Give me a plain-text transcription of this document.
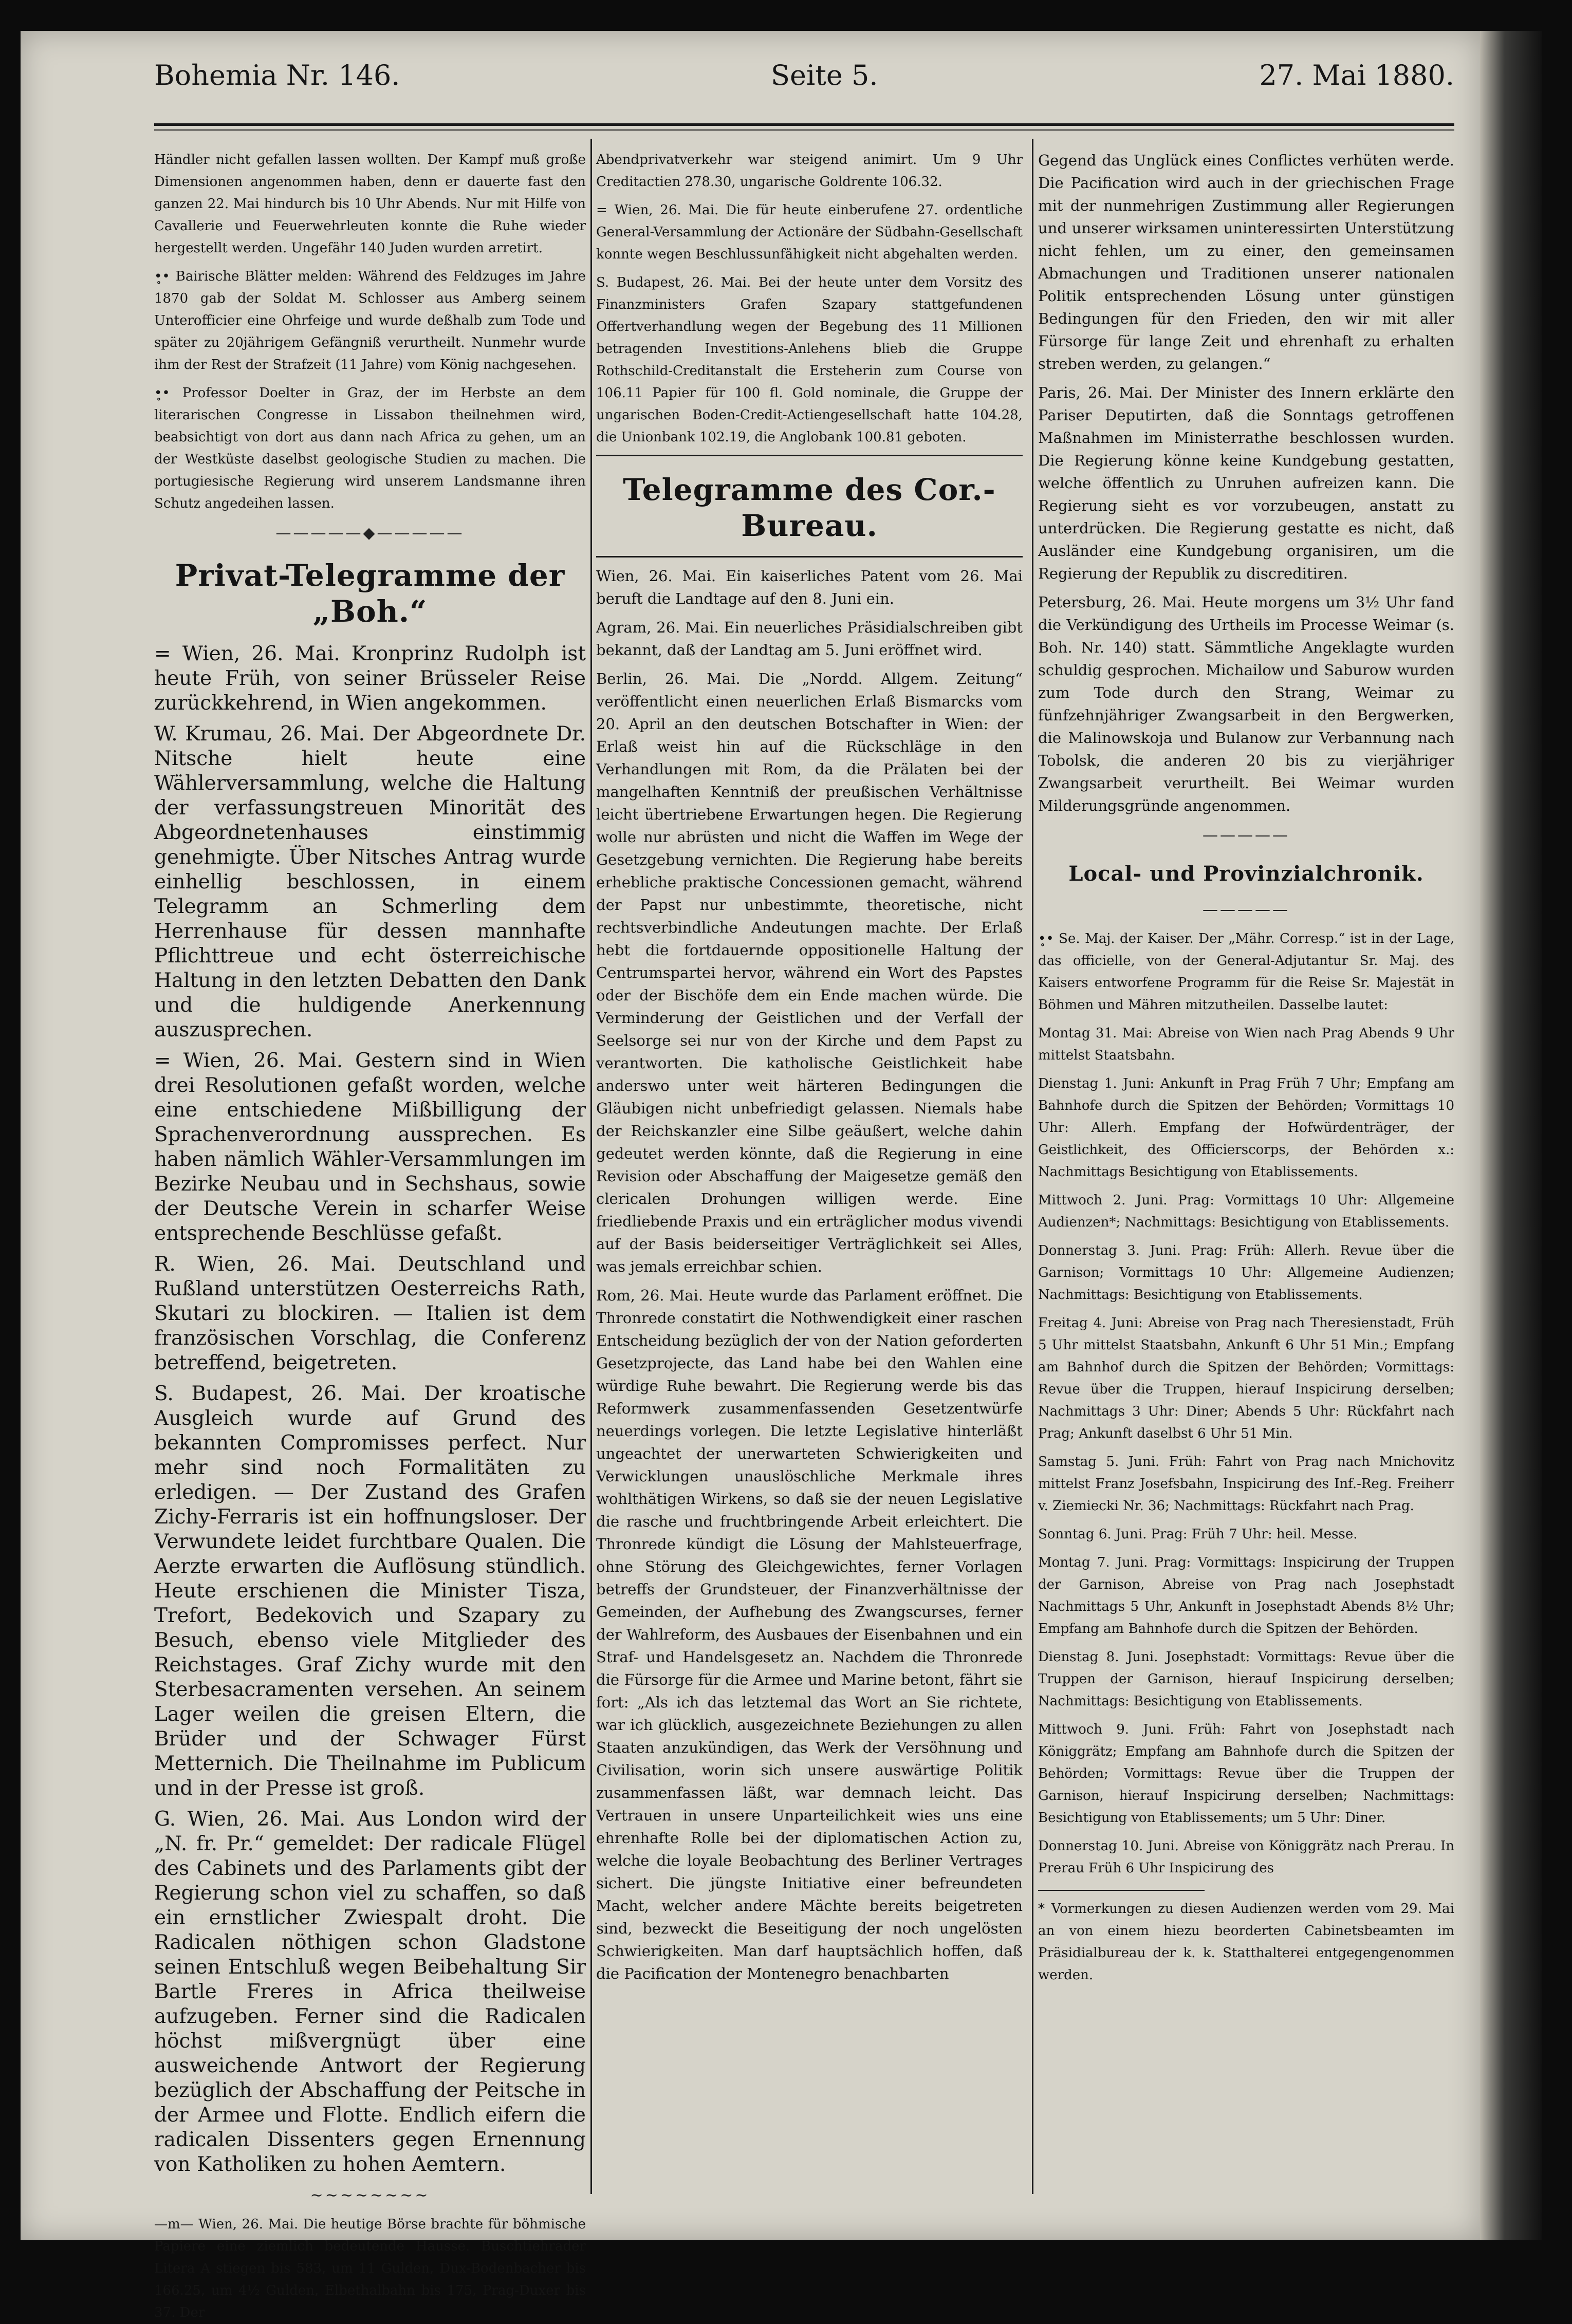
Bohemia Nr. 146.	Seite 5.	27. Mai 1880.

Händler nicht gefallen lassen wollten. Der Kampf muß große Dimensionen angenommen haben, denn er dauerte fast den ganzen 22. Mai hindurch bis 10 Uhr Abends. Nur mit Hilfe von Cavallerie und Feuerwehrleuten konnte die Ruhe wieder hergestellt werden. Ungefähr 140 Juden wurden arretirt.

•̥• Bairische Blätter melden: Während des Feldzuges im Jahre 1870 gab der Soldat M. Schlosser aus Amberg seinem Unterofficier eine Ohrfeige und wurde deßhalb zum Tode und später zu 20jährigem Gefängniß verurtheilt. Nunmehr wurde ihm der Rest der Strafzeit (11 Jahre) vom König nachgesehen.

•̥• Professor Doelter in Graz, der im Herbste an dem literarischen Congresse in Lissabon theilnehmen wird, beabsichtigt von dort aus dann nach Africa zu gehen, um an der Westküste daselbst geologische Studien zu machen. Die portugiesische Regierung wird unserem Landsmanne ihren Schutz angedeihen lassen.

—————◆—————
Privat-Telegramme der „Boh.“

= Wien, 26. Mai. Kronprinz Rudolph ist heute Früh, von seiner Brüsseler Reise zurückkehrend, in Wien angekommen.

W. Krumau, 26. Mai. Der Abgeordnete Dr. Nitsche hielt heute eine Wählerversammlung, welche die Haltung der verfassungstreuen Minorität des Abgeordnetenhauses einstimmig genehmigte. Über Nitsches Antrag wurde einhellig beschlossen, in einem Telegramm an Schmerling dem Herrenhause für dessen mannhafte Pflichttreue und echt österreichische Haltung in den letzten Debatten den Dank und die huldigende Anerkennung auszusprechen.

= Wien, 26. Mai. Gestern sind in Wien drei Resolutionen gefaßt worden, welche eine entschiedene Mißbilligung der Sprachenverordnung aussprechen. Es haben nämlich Wähler-Versammlungen im Bezirke Neubau und in Sechshaus, sowie der Deutsche Verein in scharfer Weise entsprechende Beschlüsse gefaßt.

R. Wien, 26. Mai. Deutschland und Rußland unterstützen Oesterreichs Rath, Skutari zu blockiren. — Italien ist dem französischen Vorschlag, die Conferenz betreffend, beigetreten.

S. Budapest, 26. Mai. Der kroatische Ausgleich wurde auf Grund des bekannten Compromisses perfect. Nur mehr sind noch Formalitäten zu erledigen. — Der Zustand des Grafen Zichy-Ferraris ist ein hoffnungsloser. Der Verwundete leidet furchtbare Qualen. Die Aerzte erwarten die Auflösung stündlich. Heute erschienen die Minister Tisza, Trefort, Bedekovich und Szapary zu Besuch, ebenso viele Mitglieder des Reichstages. Graf Zichy wurde mit den Sterbesacramenten versehen. An seinem Lager weilen die greisen Eltern, die Brüder und der Schwager Fürst Metternich. Die Theilnahme im Publicum und in der Presse ist groß.

G. Wien, 26. Mai. Aus London wird der „N. fr. Pr.“ gemeldet: Der radicale Flügel des Cabinets und des Parlaments gibt der Regierung schon viel zu schaffen, so daß ein ernstlicher Zwiespalt droht. Die Radicalen nöthigen schon Gladstone seinen Entschluß wegen Beibehaltung Sir Bartle Freres in Africa theilweise aufzugeben. Ferner sind die Radicalen höchst mißvergnügt über eine ausweichende Antwort der Regierung bezüglich der Abschaffung der Peitsche in der Armee und Flotte. Endlich eifern die radicalen Dissenters gegen Ernennung von Katholiken zu hohen Aemtern.

∼∼∼∼∼∼∼∼

—m— Wien, 26. Mai. Die heutige Börse brachte für böhmische Papiere eine ziemlich bedeutende Hausse. Buschtiehrader Litera A stiegen bis 583, um 11 Gulden, Dux-Bodenbacher bis 166.25, um 4½ Gulden, Elbethalbahn bis 175, Prag-Duxer bis 37. Der

Abendprivatverkehr war steigend animirt. Um 9 Uhr Creditactien 278.30, ungarische Goldrente 106.32.

= Wien, 26. Mai. Die für heute einberufene 27. ordentliche General-Versammlung der Actionäre der Südbahn-Gesellschaft konnte wegen Beschlussunfähigkeit nicht abgehalten werden.

S. Budapest, 26. Mai. Bei der heute unter dem Vorsitz des Finanzministers Grafen Szapary stattgefundenen Offertverhandlung wegen der Begebung des 11 Millionen betragenden Investitions-Anlehens blieb die Gruppe Rothschild-Creditanstalt die Ersteherin zum Course von 106.11 Papier für 100 fl. Gold nominale, die Gruppe der ungarischen Boden-Credit-Actiengesellschaft hatte 104.28, die Unionbank 102.19, die Anglobank 100.81 geboten.

Telegramme des Cor.-Bureau.

Wien, 26. Mai. Ein kaiserliches Patent vom 26. Mai beruft die Landtage auf den 8. Juni ein.

Agram, 26. Mai. Ein neuerliches Präsidialschreiben gibt bekannt, daß der Landtag am 5. Juni eröffnet wird.

Berlin, 26. Mai. Die „Nordd. Allgem. Zeitung“ veröffentlicht einen neuerlichen Erlaß Bismarcks vom 20. April an den deutschen Botschafter in Wien: der Erlaß weist hin auf die Rückschläge in den Verhandlungen mit Rom, da die Prälaten bei der mangelhaften Kenntniß der preußischen Verhältnisse leicht übertriebene Erwartungen hegen. Die Regierung wolle nur abrüsten und nicht die Waffen im Wege der Gesetzgebung vernichten. Die Regierung habe bereits erhebliche praktische Concessionen gemacht, während der Papst nur unbestimmte, theoretische, nicht rechtsverbindliche Andeutungen machte. Der Erlaß hebt die fortdauernde oppositionelle Haltung der Centrumspartei hervor, während ein Wort des Papstes oder der Bischöfe dem ein Ende machen würde. Die Verminderung der Geistlichen und der Verfall der Seelsorge sei nur von der Kirche und dem Papst zu verantworten. Die katholische Geistlichkeit habe anderswo unter weit härteren Bedingungen die Gläubigen nicht unbefriedigt gelassen. Niemals habe der Reichskanzler eine Silbe geäußert, welche dahin gedeutet werden könnte, daß die Regierung in eine Revision oder Abschaffung der Maigesetze gemäß den clericalen Drohungen willigen werde. Eine friedliebende Praxis und ein erträglicher modus vivendi auf der Basis beiderseitiger Verträglichkeit sei Alles, was jemals erreichbar schien.

Rom, 26. Mai. Heute wurde das Parlament eröffnet. Die Thronrede constatirt die Nothwendigkeit einer raschen Entscheidung bezüglich der von der Nation geforderten Gesetzprojecte, das Land habe bei den Wahlen eine würdige Ruhe bewahrt. Die Regierung werde bis das Reformwerk zusammenfassenden Gesetzentwürfe neuerdings vorlegen. Die letzte Legislative hinterläßt ungeachtet der unerwarteten Schwierigkeiten und Verwicklungen unauslöschliche Merkmale ihres wohlthätigen Wirkens, so daß sie der neuen Legislative die rasche und fruchtbringende Arbeit erleichtert. Die Thronrede kündigt die Lösung der Mahlsteuerfrage, ohne Störung des Gleichgewichtes, ferner Vorlagen betreffs der Grundsteuer, der Finanzverhältnisse der Gemeinden, der Aufhebung des Zwangscurses, ferner der Wahlreform, des Ausbaues der Eisenbahnen und ein Straf- und Handelsgesetz an. Nachdem die Thronrede die Fürsorge für die Armee und Marine betont, fährt sie fort: „Als ich das letztemal das Wort an Sie richtete, war ich glücklich, ausgezeichnete Beziehungen zu allen Staaten anzukündigen, das Werk der Versöhnung und Civilisation, worin sich unsere auswärtige Politik zusammenfassen läßt, war demnach leicht. Das Vertrauen in unsere Unparteilichkeit wies uns eine ehrenhafte Rolle bei der diplomatischen Action zu, welche die loyale Beobachtung des Berliner Vertrages sichert. Die jüngste Initiative einer befreundeten Macht, welcher andere Mächte bereits beigetreten sind, bezweckt die Beseitigung der noch ungelösten Schwierigkeiten. Man darf hauptsächlich hoffen, daß die Pacification der Montenegro benachbarten

Gegend das Unglück eines Conflictes verhüten werde. Die Pacification wird auch in der griechischen Frage mit der nunmehrigen Zustimmung aller Regierungen und unserer wirksamen uninteressirten Unterstützung nicht fehlen, um zu einer, den gemeinsamen Abmachungen und Traditionen unserer nationalen Politik entsprechenden Lösung unter günstigen Bedingungen für den Frieden, den wir mit aller Fürsorge für lange Zeit und ehrenhaft zu erhalten streben werden, zu gelangen.“

Paris, 26. Mai. Der Minister des Innern erklärte den Pariser Deputirten, daß die Sonntags getroffenen Maßnahmen im Ministerrathe beschlossen wurden. Die Regierung könne keine Kundgebung gestatten, welche öffentlich zu Unruhen aufreizen kann. Die Regierung sieht es vor vorzubeugen, anstatt zu unterdrücken. Die Regierung gestatte es nicht, daß Ausländer eine Kundgebung organisiren, um die Regierung der Republik zu discreditiren.

Petersburg, 26. Mai. Heute morgens um 3½ Uhr fand die Verkündigung des Urtheils im Processe Weimar (s. Boh. Nr. 140) statt. Sämmtliche Angeklagte wurden schuldig gesprochen. Michailow und Saburow wurden zum Tode durch den Strang, Weimar zu fünfzehnjähriger Zwangsarbeit in den Bergwerken, die Malinowskoja und Bulanow zur Verbannung nach Tobolsk, die anderen 20 bis zu vierjähriger Zwangsarbeit verurtheilt. Bei Weimar wurden Milderungsgründe angenommen.

—————
Local- und Provinzialchronik.
—————

•̥• Se. Maj. der Kaiser. Der „Mähr. Corresp.“ ist in der Lage, das officielle, von der General-Adjutantur Sr. Maj. des Kaisers entworfene Programm für die Reise Sr. Majestät in Böhmen und Mähren mitzutheilen. Dasselbe lautet:

Montag 31. Mai: Abreise von Wien nach Prag Abends 9 Uhr mittelst Staatsbahn.

Dienstag 1. Juni: Ankunft in Prag Früh 7 Uhr; Empfang am Bahnhofe durch die Spitzen der Behörden; Vormittags 10 Uhr: Allerh. Empfang der Hofwürdenträger, der Geistlichkeit, des Officierscorps, der Behörden x.: Nachmittags Besichtigung von Etablissements.

Mittwoch 2. Juni. Prag: Vormittags 10 Uhr: Allgemeine Audienzen*; Nachmittags: Besichtigung von Etablissements.

Donnerstag 3. Juni. Prag: Früh: Allerh. Revue über die Garnison; Vormittags 10 Uhr: Allgemeine Audienzen; Nachmittags: Besichtigung von Etablissements.

Freitag 4. Juni: Abreise von Prag nach Theresienstadt, Früh 5 Uhr mittelst Staatsbahn, Ankunft 6 Uhr 51 Min.; Empfang am Bahnhof durch die Spitzen der Behörden; Vormittags: Revue über die Truppen, hierauf Inspicirung derselben; Nachmittags 3 Uhr: Diner; Abends 5 Uhr: Rückfahrt nach Prag; Ankunft daselbst 6 Uhr 51 Min.

Samstag 5. Juni. Früh: Fahrt von Prag nach Mnichovitz mittelst Franz Josefsbahn, Inspicirung des Inf.-Reg. Freiherr v. Ziemiecki Nr. 36; Nachmittags: Rückfahrt nach Prag.

Sonntag 6. Juni. Prag: Früh 7 Uhr: heil. Messe.

Montag 7. Juni. Prag: Vormittags: Inspicirung der Truppen der Garnison, Abreise von Prag nach Josephstadt Nachmittags 5 Uhr, Ankunft in Josephstadt Abends 8½ Uhr; Empfang am Bahnhofe durch die Spitzen der Behörden.

Dienstag 8. Juni. Josephstadt: Vormittags: Revue über die Truppen der Garnison, hierauf Inspicirung derselben; Nachmittags: Besichtigung von Etablissements.

Mittwoch 9. Juni. Früh: Fahrt von Josephstadt nach Königgrätz; Empfang am Bahnhofe durch die Spitzen der Behörden; Vormittags: Revue über die Truppen der Garnison, hierauf Inspicirung derselben; Nachmittags: Besichtigung von Etablissements; um 5 Uhr: Diner.

Donnerstag 10. Juni. Abreise von Königgrätz nach Prerau. In Prerau Früh 6 Uhr Inspicirung des

* Vormerkungen zu diesen Audienzen werden vom 29. Mai an von einem hiezu beorderten Cabinetsbeamten im Präsidialbureau der k. k. Statthalterei entgegengenommen werden.
